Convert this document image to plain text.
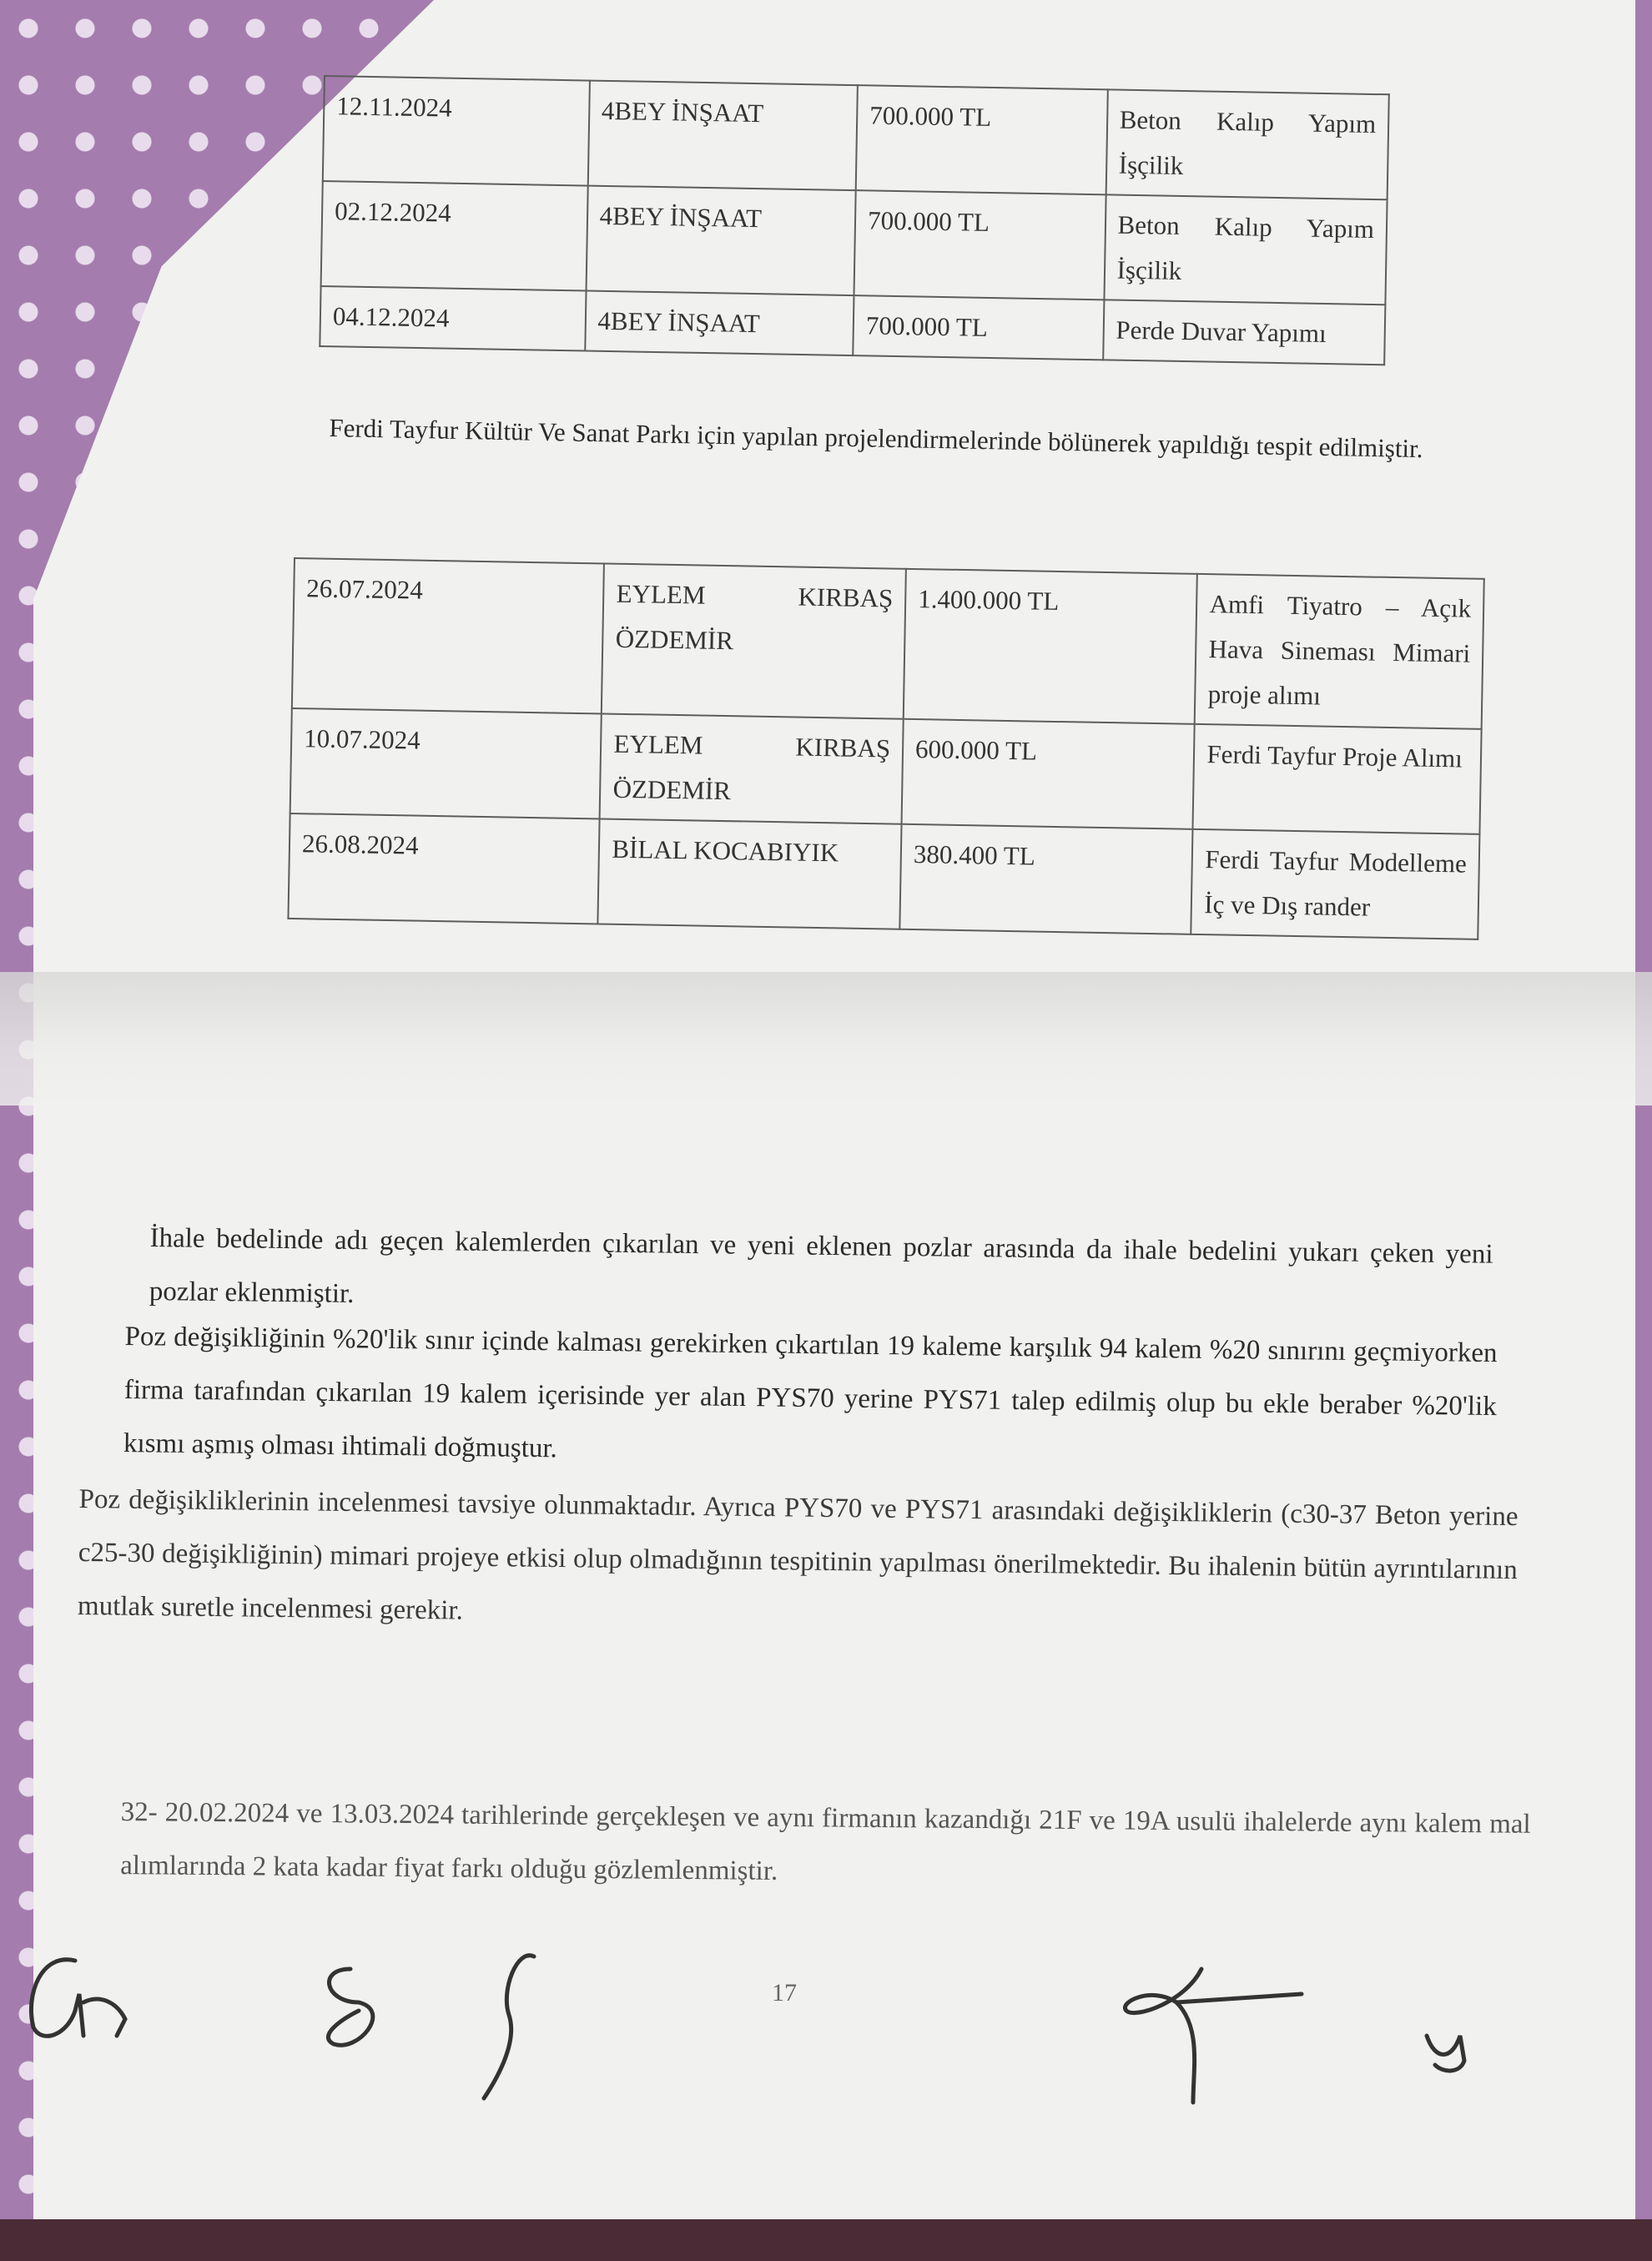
12.11.2024	4BEY İNŞAAT	700.000 TL	Beton Kalıp Yapım İşçilik
02.12.2024	4BEY İNŞAAT	700.000 TL	Beton Kalıp Yapım İşçilik
04.12.2024	4BEY İNŞAAT	700.000 TL	Perde Duvar Yapımı
Ferdi Tayfur Kültür Ve Sanat Parkı için yapılan projelendirmelerinde bölünerek yapıldığı tespit edilmiştir.
26.07.2024	EYLEM KIRBAŞ ÖZDEMİR	1.400.000 TL	Amfi Tiyatro – Açık Hava Sineması Mimari proje alımı
10.07.2024	EYLEM KIRBAŞ ÖZDEMİR	600.000 TL	Ferdi Tayfur Proje Alımı
26.08.2024	BİLAL KOCABIYIK	380.400 TL	Ferdi Tayfur Modelleme İç ve Dış rander
İhale bedelinde adı geçen kalemlerden çıkarılan ve yeni eklenen pozlar arasında da ihale bedelini yukarı çeken yeni pozlar eklenmiştir.
Poz değişikliğinin %20'lik sınır içinde kalması gerekirken çıkartılan 19 kaleme karşılık 94 kalem %20 sınırını geçmiyorken firma tarafından çıkarılan 19 kalem içerisinde yer alan PYS70 yerine PYS71 talep edilmiş olup bu ekle beraber %20'lik kısmı aşmış olması ihtimali doğmuştur.
Poz değişikliklerinin incelenmesi tavsiye olunmaktadır. Ayrıca PYS70 ve PYS71 arasındaki değişikliklerin (c30-37 Beton yerine c25-30 değişikliğinin) mimari projeye etkisi olup olmadığının tespitinin yapılması önerilmektedir. Bu ihalenin bütün ayrıntılarının mutlak suretle incelenmesi gerekir.
32- 20.02.2024 ve 13.03.2024 tarihlerinde gerçekleşen ve aynı firmanın kazandığı 21F ve 19A usulü ihalelerde aynı kalem mal alımlarında 2 kata kadar fiyat farkı olduğu gözlemlenmiştir.
17
